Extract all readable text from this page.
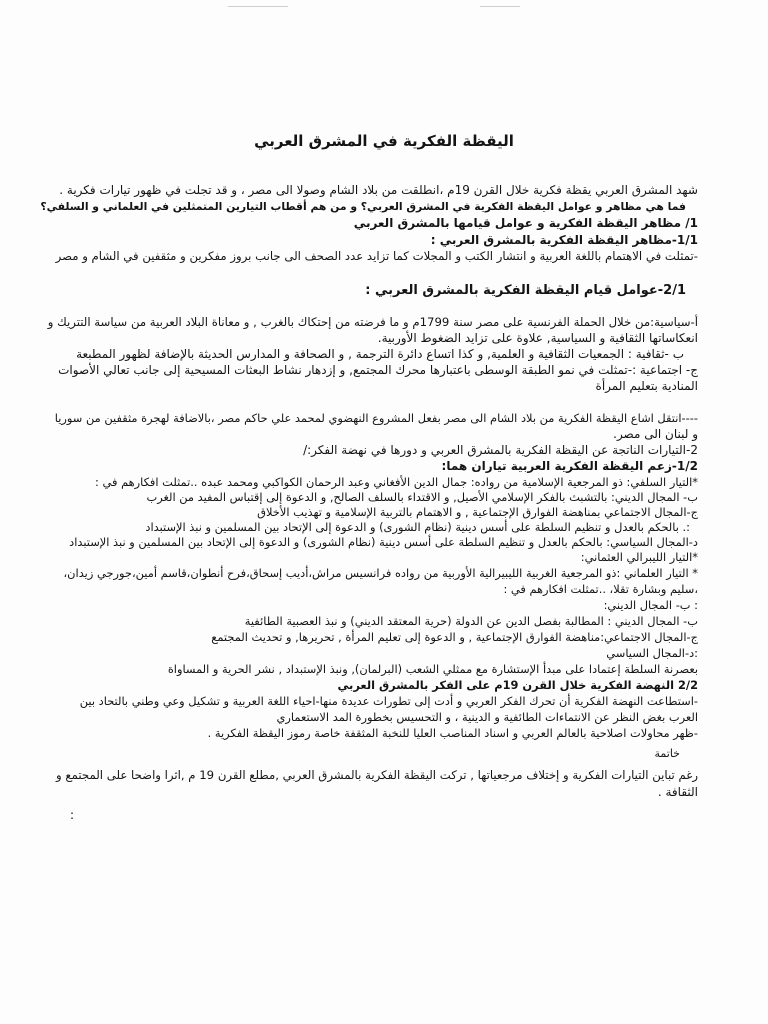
اليقظة الفكرية في المشرق العربي
شهد المشرق العربي يقظة فكرية خلال القرن 19م ،انطلقت من بلاد الشام وصولا الى مصر ، و قد تجلت في ظهور تيارات فكرية .
فما هي مظاهر و عوامل اليقظة الفكرية في المشرق العربي؟ و من هم أقطاب التيارين المتمثلين في العلماني و السلفي؟
1/ مظاهر اليقظة الفكرية و عوامل قيامها بالمشرق العربي
1/1-مظاهر اليقظة الفكرية بالمشرق العربي :
-تمثلت في الاهتمام باللغة العربية و انتشار الكتب و المجلات كما تزايد عدد الصحف الى جانب بروز مفكرين و مثقفين في الشام و مصر
2/1-عوامل قيام اليقظة الفكرية بالمشرق العربي :
أ-سياسية:من خلال الحملة الفرنسية على مصر سنة 1799م و ما فرضته من إحتكاك بالغرب , و معاناة البلاد العربية من سياسة التتريك و
انعكاساتها الثقافية و السياسية, علاوة على تزايد الضغوط الأوربية.
ب -ثقافية : الجمعيات الثقافية و العلمية, و كذا اتساع دائرة الترجمة , و الصحافة و المدارس الحديثة بالإضافة لظهور المطبعة
ج- اجتماعية :-تمثلت في نمو الطبقة الوسطى باعتبارها محرك المجتمع, و إزدهار نشاط البعثات المسيحية إلى جانب تعالي الأصوات
المنادية بتعليم المرأة
----انتقل اشاع اليقظة الفكرية من بلاد الشام الى مصر بفعل المشروع النهضوي لمحمد علي حاكم مصر ،بالاضافة لهجرة مثقفين من سوريا
و لبنان الى مصر.
2-التيارات الناتجة عن اليقظة الفكرية بالمشرق العربي و دورها في نهضة الفكر:/
1/2-زعم اليقظة الفكرية العربية تياران هما:
*التيار السلفي: ذو المرجعية الإسلامية من رواده: جمال الدين الأفغاني وعبد الرحمان الكواكبي ومحمد عبده ..تمثلت افكارهم في :
ب- المجال الديني: بالتشبث بالفكر الإسلامي الأصيل, و الاقتداء بالسلف الصالح, و الدعوة إلى إقتباس المفيد من الغرب
ج-المجال الاجتماعي بمناهضة الفوارق الإجتماعية , و الاهتمام بالتربية الإسلامية و تهذيب الأخلاق
:. بالحكم بالعدل و تنظيم السلطة على أسس دينية (نظام الشورى) و الدعوة إلى الإتحاد بين المسلمين و نبذ الإستبداد
د-المجال السياسي: بالحكم بالعدل و تنظيم السلطة على أسس دينية (نظام الشورى) و الدعوة إلى الإتحاد بين المسلمين و نبذ الإستبداد
*التيار الليبرالي العثماني:
* التيار العلماني :ذو المرجعية الغربية الليبيرالية الأوربية من رواده فرانسيس مراش،أديب إسحاق،فرح أنطوان،قاسم أمين،جورجي زيدان،
،سليم وبشارة تقلا، ..تمثلت افكارهم في :
: ب- المجال الديني:
ب- المجال الديني : المطالبة بفصل الدين عن الدولة (حرية المعتقد الديني) و نبذ العصبية الطائفية
ج-المجال الاجتماعي:مناهضة الفوارق الإجتماعية , و الدعوة إلى تعليم المرأة , تحريرها, و تحديث المجتمع
:د-المجال السياسي
بعصرنة السلطة إعتمادا على مبدأ الإستشارة مع ممثلي الشعب (البرلمان), ونبذ الإستبداد , نشر الحرية و المساواة
2/2 النهضة الفكرية خلال القرن 19م على الفكر بالمشرق العربي
-استطاعت النهضة الفكرية أن تحرك الفكر العربي و أدت إلى تطورات عديدة منها-احياء اللغة العربية و تشكيل وعي وطني بالتحاد بين
العرب بغض النظر عن الانتماءات الطائفية و الدينية ، و التحسيس بخطورة المد الاستعماري
-ظهر محاولات اصلاحية بالعالم العربي و اسناد المناصب العليا للنخبة المثقفة خاصة رموز اليقظة الفكرية .
خاتمة
رغم تباين التيارات الفكرية و إختلاف مرجعياتها , تركت اليقظة الفكرية بالمشرق العربي ,مطلع القرن 19 م ,اثرا واضحا على المجتمع و
الثقافة .
:
